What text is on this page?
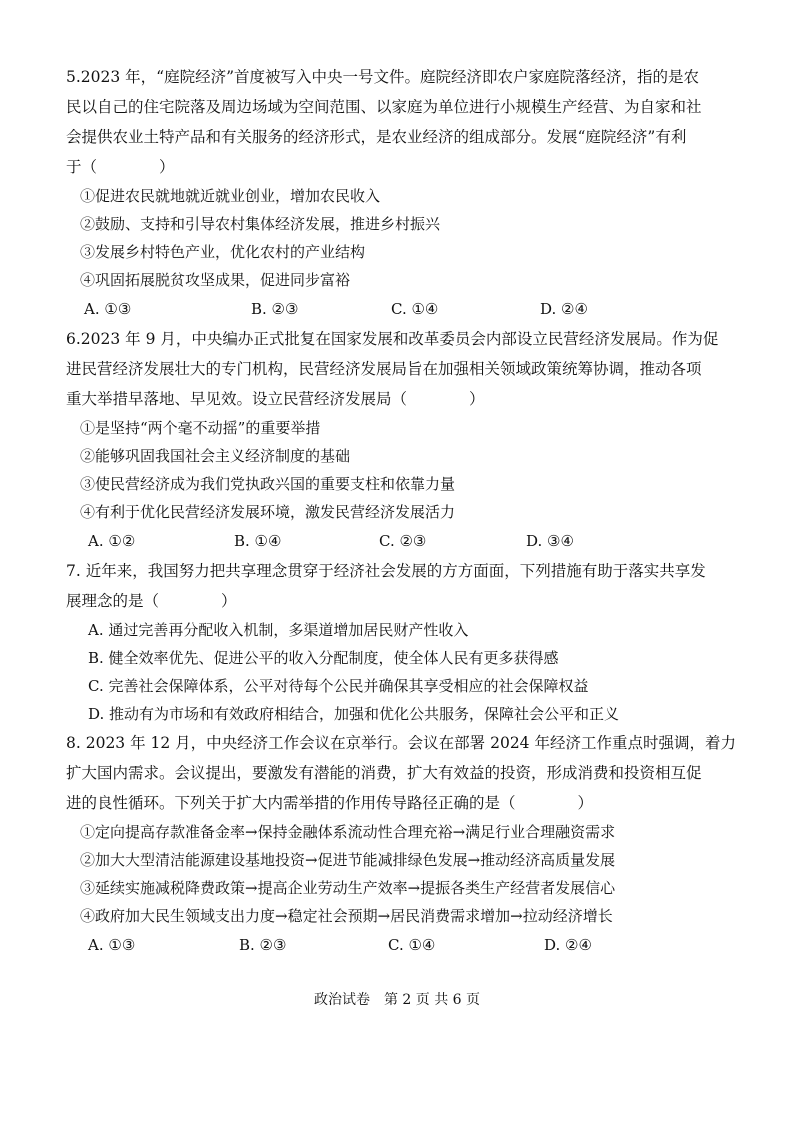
5.2023 年，“庭院经济”首度被写入中央一号文件。庭院经济即农户家庭院落经济，指的是农
民以自己的住宅院落及周边场域为空间范围、以家庭为单位进行小规模生产经营、为自家和社
会提供农业土特产品和有关服务的经济形式，是农业经济的组成部分。发展“庭院经济”有利
于（　　　　）
①促进农民就地就近就业创业，增加农民收入
②鼓励、支持和引导农村集体经济发展，推进乡村振兴
③发展乡村特色产业，优化农村的产业结构
④巩固拓展脱贫攻坚成果，促进同步富裕
A. ①③	B. ②③	C. ①④	D. ②④
6.2023 年 9 月，中央编办正式批复在国家发展和改革委员会内部设立民营经济发展局。作为促
进民营经济发展壮大的专门机构，民营经济发展局旨在加强相关领域政策统筹协调，推动各项
重大举措早落地、早见效。设立民营经济发展局（　　　　）
①是坚持“两个毫不动摇”的重要举措
②能够巩固我国社会主义经济制度的基础
③使民营经济成为我们党执政兴国的重要支柱和依靠力量
④有利于优化民营经济发展环境，激发民营经济发展活力
A. ①②	B. ①④	C. ②③	D. ③④
7. 近年来，我国努力把共享理念贯穿于经济社会发展的方方面面，下列措施有助于落实共享发
展理念的是（　　　　）
A. 通过完善再分配收入机制，多渠道增加居民财产性收入
B. 健全效率优先、促进公平的收入分配制度，使全体人民有更多获得感
C. 完善社会保障体系，公平对待每个公民并确保其享受相应的社会保障权益
D. 推动有为市场和有效政府相结合，加强和优化公共服务，保障社会公平和正义
8. 2023 年 12 月，中央经济工作会议在京举行。会议在部署 2024 年经济工作重点时强调，着力
扩大国内需求。会议提出，要激发有潜能的消费，扩大有效益的投资，形成消费和投资相互促
进的良性循环。下列关于扩大内需举措的作用传导路径正确的是（　　　　）
①定向提高存款准备金率→保持金融体系流动性合理充裕→满足行业合理融资需求
②加大大型清洁能源建设基地投资→促进节能减排绿色发展→推动经济高质量发展
③延续实施减税降费政策→提高企业劳动生产效率→提振各类生产经营者发展信心
④政府加大民生领域支出力度→稳定社会预期→居民消费需求增加→拉动经济增长
A. ①③	B. ②③	C. ①④	D. ②④
政治试卷　第 2 页 共 6 页
